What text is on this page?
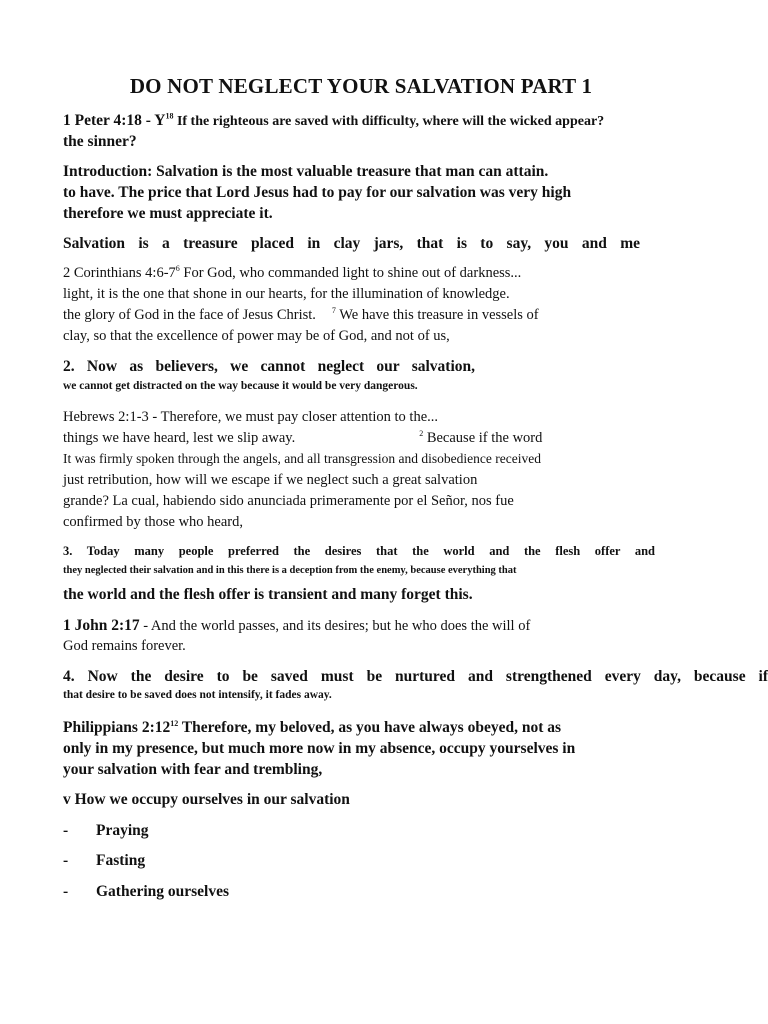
DO NOT NEGLECT YOUR SALVATION PART 1
1 Peter 4:18 - $Y^{18}$ If the righteous are saved with difficulty, where will the wicked appear?
the sinner?
Introduction: Salvation is the most valuable treasure that man can attain.
to have. The price that Lord Jesus had to pay for our salvation was very high
therefore we must appreciate it.
Salvation is a treasure placed in clay jars, that is to say, you and me
2 Corinthians $4:6-7^6$ For God, who commanded light to shine out of darkness...
light, it is the one that shone in our hearts, for the illumination of knowledge.
the glory of God in the face of Jesus Christ. $^7$ We have this treasure in vessels of
clay, so that the excellence of power may be of God, and not of us,
2. Now as believers, we cannot neglect our salvation,
we cannot get distracted on the way because it would be very dangerous.
Hebrews 2:1-3 - Therefore, we must pay closer attention to the...
things we have heard, lest we slip away.	$^2$ Because if the word
It was firmly spoken through the angels, and all transgression and disobedience received
just retribution, how will we escape if we neglect such a great salvation
grande? La cual, habiendo sido anunciada primeramente por el Señor, nos fue
confirmed by those who heard,
3. Today many people preferred the desires that the world and the flesh offer and
they neglected their salvation and in this there is a deception from the enemy, because everything that
the world and the flesh offer is transient and many forget this.
1 John 2:17 - And the world passes, and its desires; but he who does the will of
God remains forever.
4. Now the desire to be saved must be nurtured and strengthened every day, because if
that desire to be saved does not intensify, it fades away.
Philippians $2:12^{12}$ Therefore, my beloved, as you have always obeyed, not as
only in my presence, but much more now in my absence, occupy yourselves in
your salvation with fear and trembling,
v How we occupy ourselves in our salvation
- Praying
- Fasting
- Gathering ourselves
